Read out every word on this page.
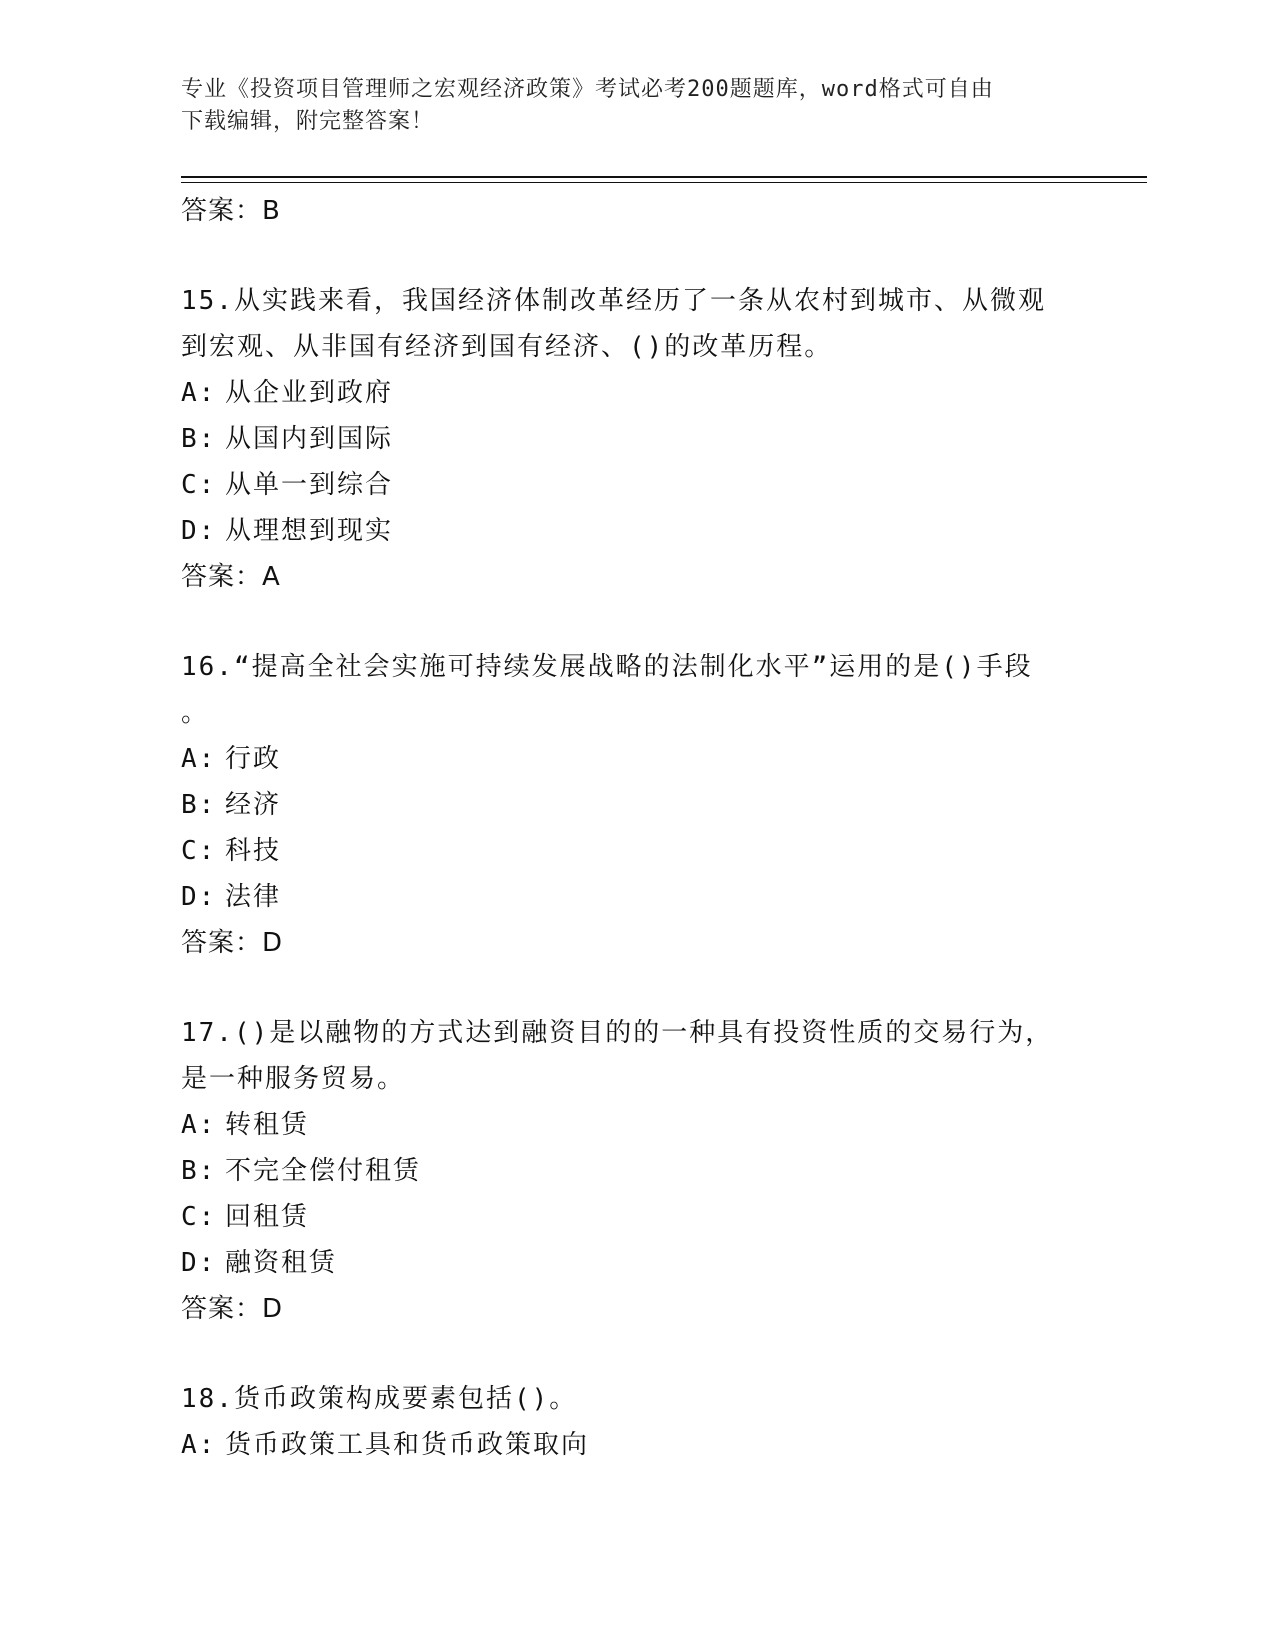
专业《投资项目管理师之宏观经济政策》考试必考200题题库，word格式可自由
下载编辑，附完整答案！
答案：B
15.从实践来看，我国经济体制改革经历了一条从农村到城市、从微观
到宏观、从非国有经济到国有经济、()的改革历程。
A: 从企业到政府
B: 从国内到国际
C: 从单一到综合
D: 从理想到现实
答案：A
16.“提高全社会实施可持续发展战略的法制化水平”运用的是()手段
。
A: 行政
B: 经济
C: 科技
D: 法律
答案：D
17.()是以融物的方式达到融资目的的一种具有投资性质的交易行为，
是一种服务贸易。
A: 转租赁
B: 不完全偿付租赁
C: 回租赁
D: 融资租赁
答案：D
18.货币政策构成要素包括()。
A: 货币政策工具和货币政策取向
